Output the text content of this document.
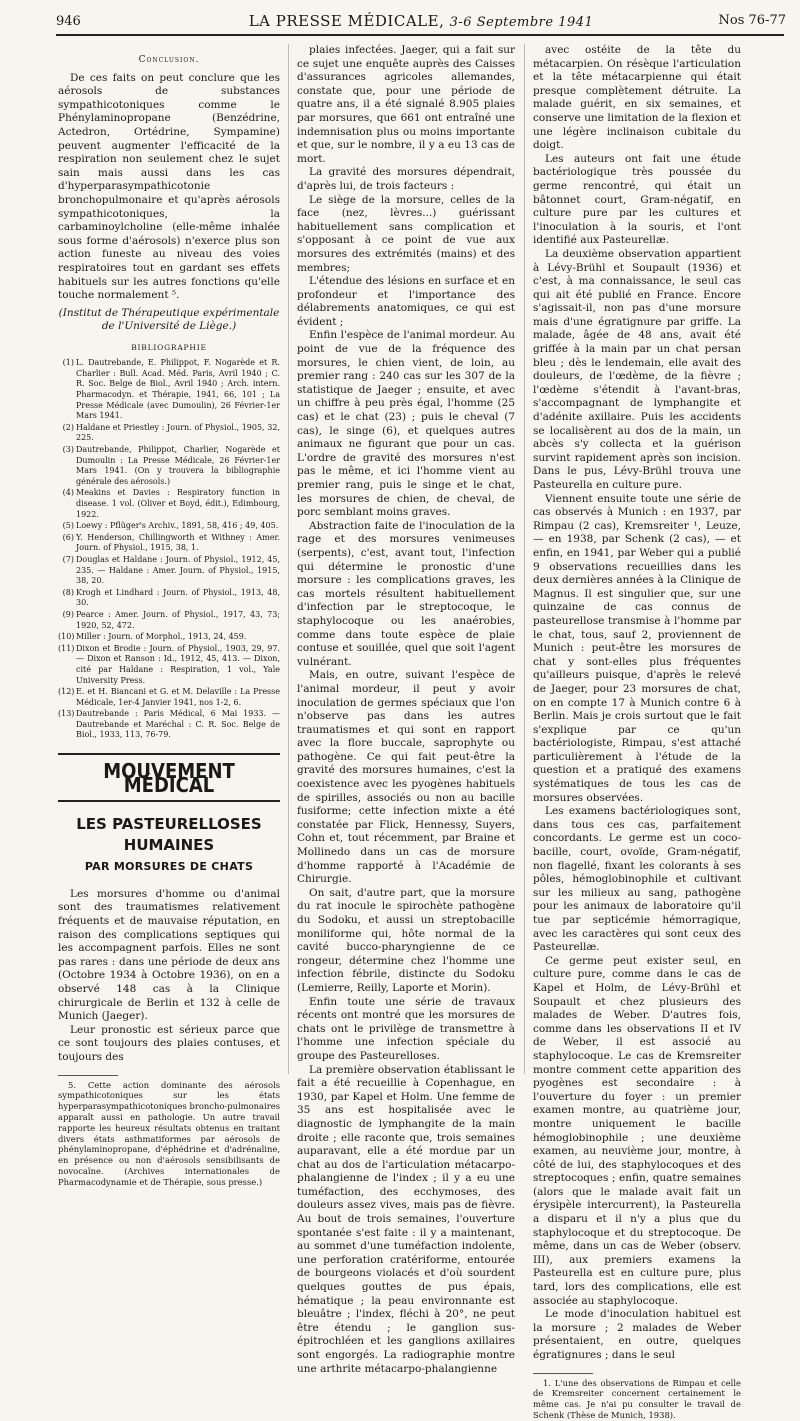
946	LA PRESSE MÉDICALE, 3-6 Septembre 1941	Nos 76-77
Conclusion.

De ces faits on peut conclure que les aérosols de substances sympathicotoniques comme le Phénylaminopropane (Benzédrine, Actedron, Ortédrine, Sympamine) peuvent augmenter l'efficacité de la respiration non seulement chez le sujet sain mais aussi dans les cas d'hyperparasympathicotonie bronchopulmonaire et qu'après aérosols sympathicotoniques, la carbaminoylcholine (elle-même inhalée sous forme d'aérosols) n'exerce plus son action funeste au niveau des voies respiratoires tout en gardant ses effets habituels sur les autres fonctions qu'elle touche normalement ⁵.

(Institut de Thérapeutique expérimentale de l'Université de Liège.)
BIBLIOGRAPHIE
(1) L. Dautrebande, E. Philippot, F. Nogarède et R. Charlier : Bull. Acad. Méd. Paris, Avril 1940 ; C. R. Soc. Belge de Biol., Avril 1940 ; Arch. intern. Pharmacodyn. et Thérapie, 1941, 66, 101 ; La Presse Médicale (avec Dumoulin), 26 Février-1er Mars 1941.
(2) Haldane et Priestley : Journ. of Physiol., 1905, 32, 225.
(3) Dautrebande, Philippot, Charlier, Nogarède et Dumoulin : La Presse Médicale, 26 Février-1er Mars 1941. (On y trouvera la bibliographie générale des aérosols.)
(4) Meakins et Davies : Respiratory function in disease. 1 vol. (Oliver et Boyd, édit.), Edimbourg, 1922.
(5) Loewy : Pflüger's Archiv., 1891, 58, 416 ; 49, 405.
(6) Y. Henderson, Chillingworth et Withney : Amer. Journ. of Physiol., 1915, 38, 1.
(7) Douglas et Haldane : Journ. of Physiol., 1912, 45, 235. — Haldane : Amer. Journ. of Physiol., 1915, 38, 20.
(8) Krogh et Lindhard : Journ. of Physiol., 1913, 48, 30.
(9) Pearce : Amer. Journ. of Physiol., 1917, 43, 73; 1920, 52, 472.
(10) Miller : Journ. of Morphol., 1913, 24, 459.
(11) Dixon et Brodie : Journ. of Physiol., 1903, 29, 97. — Dixon et Ranson : Id., 1912, 45, 413. — Dixon, cité par Haldane : Respiration, 1 vol., Yale University Press.
(12) E. et H. Biancani et G. et M. Delaville : La Presse Médicale, 1er-4 Janvier 1941, nos 1-2, 6.
(13) Dautrebande : Paris Médical, 6 Mai 1933. — Dautrebande et Maréchal : C. R. Soc. Belge de Biol., 1933, 113, 76-79.
MOUVEMENT MÉDICAL
LES PASTEURELLOSES
HUMAINES
PAR MORSURES DE CHATS

Les morsures d'homme ou d'animal sont des traumatismes relativement fréquents et de mauvaise réputation, en raison des complications septiques qui les accompagnent parfois. Elles ne sont pas rares : dans une période de deux ans (Octobre 1934 à Octobre 1936), on en a observé 148 cas à la Clinique chirurgicale de Berlin et 132 à celle de Munich (Jaeger).

Leur pronostic est sérieux parce que ce sont toujours des plaies contuses, et toujours des

5. Cette action dominante des aérosols sympathicotoniques sur les états hyperparasympathicotoniques broncho-pulmonaires apparaît aussi en pathologie. Un autre travail rapporte les heureux résultats obtenus en traitant divers états asthmatiformes par aérosols de phénylaminopropane, d'éphédrine et d'adrénaline, en présence ou non d'aérosols sensibilisants de novocaïne. (Archives internationales de Pharmacodynamie et de Thérapie, sous presse.)

plaies infectées. Jaeger, qui a fait sur ce sujet une enquête auprès des Caisses d'assurances agricoles allemandes, constate que, pour une période de quatre ans, il a été signalé 8.905 plaies par morsures, que 661 ont entraîné une indemnisation plus ou moins importante et que, sur le nombre, il y a eu 13 cas de mort.

La gravité des morsures dépendrait, d'après lui, de trois facteurs :

Le siège de la morsure, celles de la face (nez, lèvres...) guérissant habituellement sans complication et s'opposant à ce point de vue aux morsures des extrémités (mains) et des membres;

L'étendue des lésions en surface et en profondeur et l'importance des délabrements anatomiques, ce qui est évident ;

Enfin l'espèce de l'animal mordeur. Au point de vue de la fréquence des morsures, le chien vient, de loin, au premier rang : 240 cas sur les 307 de la statistique de Jaeger ; ensuite, et avec un chiffre à peu près égal, l'homme (25 cas) et le chat (23) ; puis le cheval (7 cas), le singe (6), et quelques autres animaux ne figurant que pour un cas. L'ordre de gravité des morsures n'est pas le même, et ici l'homme vient au premier rang, puis le singe et le chat, les morsures de chien, de cheval, de porc semblant moins graves.

Abstraction faite de l'inoculation de la rage et des morsures venimeuses (serpents), c'est, avant tout, l'infection qui détermine le pronostic d'une morsure : les complications graves, les cas mortels résultent habituellement d'infection par le streptocoque, le staphylocoque ou les anaérobies, comme dans toute espèce de plaie contuse et souillée, quel que soit l'agent vulnérant.

Mais, en outre, suivant l'espèce de l'animal mordeur, il peut y avoir inoculation de germes spéciaux que l'on n'observe pas dans les autres traumatismes et qui sont en rapport avec la flore buccale, saprophyte ou pathogène. Ce qui fait peut-être la gravité des morsures humaines, c'est la coexistence avec les pyogènes habituels de spirilles, associés ou non au bacille fusiforme; cette infection mixte a été constatée par Flick, Hennessy, Suyers, Cohn et, tout récemment, par Braine et Mollinedo dans un cas de morsure d'homme rapporté à l'Académie de Chirurgie.

On sait, d'autre part, que la morsure du rat inocule le spirochète pathogène du Sodoku, et aussi un streptobacille moniliforme qui, hôte normal de la cavité bucco-pharyngienne de ce rongeur, détermine chez l'homme une infection fébrile, distincte du Sodoku (Lemierre, Reilly, Laporte et Morin).

Enfin toute une série de travaux récents ont montré que les morsures de chats ont le privilège de transmettre à l'homme une infection spéciale du groupe des Pasteurelloses.

La première observation établissant le fait a été recueillie à Copenhague, en 1930, par Kapel et Holm. Une femme de 35 ans est hospitalisée avec le diagnostic de lymphangite de la main droite ; elle raconte que, trois semaines auparavant, elle a été mordue par un chat au dos de l'articulation métacarpo-phalangienne de l'index ; il y a eu une tuméfaction, des ecchymoses, des douleurs assez vives, mais pas de fièvre. Au bout de trois semaines, l'ouverture spontanée s'est faite : il y a maintenant, au sommet d'une tuméfaction indolente, une perforation cratériforme, entourée de bourgeons violacés et d'où sourdent quelques gouttes de pus épais, hématique ; la peau environnante est bleuâtre ; l'index, fléchi à 20°, ne peut être étendu ; le ganglion sus-épitrochléen et les ganglions axillaires sont engorgés. La radiographie montre une arthrite métacarpo-phalangienne

avec ostéite de la tête du métacarpien. On résèque l'articulation et la tête métacarpienne qui était presque complètement détruite. La malade guérit, en six semaines, et conserve une limitation de la flexion et une légère inclinaison cubitale du doigt.

Les auteurs ont fait une étude bactériologique très poussée du germe rencontré, qui était un bâtonnet court, Gram-négatif, en culture pure par les cultures et l'inoculation à la souris, et l'ont identifié aux Pasteurellæ.

La deuxième observation appartient à Lévy-Brühl et Soupault (1936) et c'est, à ma connaissance, le seul cas qui ait été publié en France. Encore s'agissait-il, non pas d'une morsure mais d'une égratignure par griffe. La malade, âgée de 48 ans, avait été griffée à la main par un chat persan bleu ; dès le lendemain, elle avait des douleurs, de l'œdème, de la fièvre ; l'œdème s'étendit à l'avant-bras, s'accompagnant de lymphangite et d'adénite axillaire. Puis les accidents se localisèrent au dos de la main, un abcès s'y collecta et la guérison survint rapidement après son incision. Dans le pus, Lévy-Brühl trouva une Pasteurella en culture pure.

Viennent ensuite toute une série de cas observés à Munich : en 1937, par Rimpau (2 cas), Kremsreiter ¹, Leuze, — en 1938, par Schenk (2 cas), — et enfin, en 1941, par Weber qui a publié 9 observations recueillies dans les deux dernières années à la Clinique de Magnus. Il est singulier que, sur une quinzaine de cas connus de pasteurellose transmise à l'homme par le chat, tous, sauf 2, proviennent de Munich : peut-être les morsures de chat y sont-elles plus fréquentes qu'ailleurs puisque, d'après le relevé de Jaeger, pour 23 morsures de chat, on en compte 17 à Munich contre 6 à Berlin. Mais je crois surtout que le fait s'explique par ce qu'un bactériologiste, Rimpau, s'est attaché particulièrement à l'étude de la question et a pratiqué des examens systématiques de tous les cas de morsures observées.

Les examens bactériologiques sont, dans tous ces cas, parfaitement concordants. Le germe est un coco-bacille, court, ovoïde, Gram-négatif, non flagellé, fixant les colorants à ses pôles, hémoglobinophile et cultivant sur les milieux au sang, pathogène pour les animaux de laboratoire qu'il tue par septicémie hémorragique, avec les caractères qui sont ceux des Pasteurellæ.

Ce germe peut exister seul, en culture pure, comme dans le cas de Kapel et Holm, de Lévy-Brühl et Soupault et chez plusieurs des malades de Weber. D'autres fois, comme dans les observations II et IV de Weber, il est associé au staphylocoque. Le cas de Kremsreiter montre comment cette apparition des pyogènes est secondaire : à l'ouverture du foyer : un premier examen montre, au quatrième jour, montre uniquement le bacille hémoglobinophile ; une deuxième examen, au neuvième jour, montre, à côté de lui, des staphylocoques et des streptocoques ; enfin, quatre semaines (alors que le malade avait fait un érysipèle intercurrent), la Pasteurella a disparu et il n'y a plus que du staphylocoque et du streptocoque. De même, dans un cas de Weber (observ. III), aux premiers examens la Pasteurella est en culture pure, plus tard, lors des complications, elle est associée au staphylocoque.

Le mode d'inoculation habituel est la morsure ; 2 malades de Weber présentaient, en outre, quelques égratignures ; dans le seul

1. L'une des observations de Rimpau et celle de Kremsreiter concernent certainement le même cas. Je n'ai pu consulter le travail de Schenk (Thèse de Munich, 1938).
